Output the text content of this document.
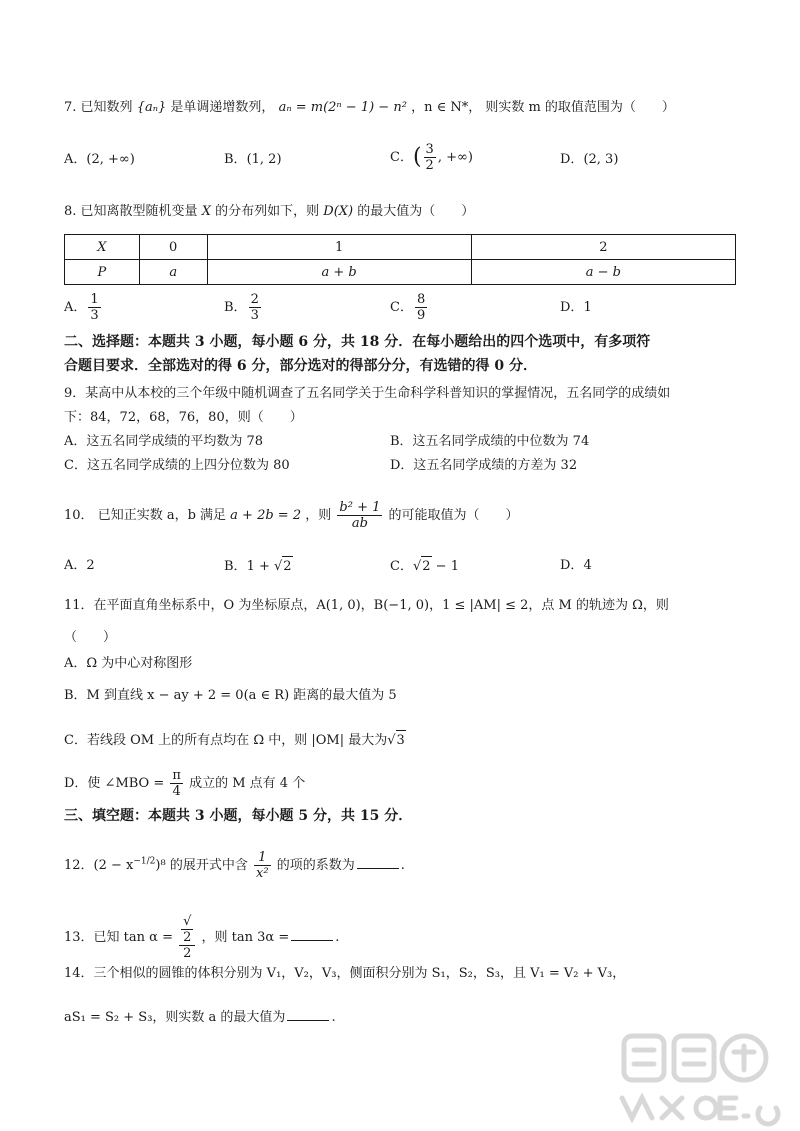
7. 已知数列 {aₙ} 是单调递增数列， aₙ = m(2ⁿ − 1) − n² ，n ∈ N*， 则实数 m 的取值范围为（　　）
A．(2, +∞)	B．(1, 2)	C．( $\frac{3}{2}$ , +∞)	D．(2, 3)
8. 已知离散型随机变量 X 的分布列如下，则 D(X) 的最大值为（　　）
X	0	1	2
P	a	a + b	a − b
A． $\frac{1}{3}$	B． $\frac{2}{3}$	C． $\frac{8}{9}$	D．1
二、选择题：本题共 3 小题，每小题 6 分，共 18 分．在每小题给出的四个选项中，有多项符
合题目要求．全部选对的得 6 分，部分选对的得部分分，有选错的得 0 分．
9．某高中从本校的三个年级中随机调查了五名同学关于生命科学科普知识的掌握情况，五名同学的成绩如
下：84，72，68，76，80，则（　　）
A．这五名同学成绩的平均数为 78	B．这五名同学成绩的中位数为 74
C．这五名同学成绩的上四分位数为 80	D．这五名同学成绩的方差为 32
10． 已知正实数 a，b 满足 a + 2b = 2 ，则 $\frac{\text{b² + 1}}{ab}$ 的可能取值为（　　）
A．2	B．1 + √2	C．√2 − 1	D．4
11．在平面直角坐标系中，O 为坐标原点，A(1, 0)，B(−1, 0)，1 ≤ |AM| ≤ 2，点 M 的轨迹为 Ω，则
（　　）
A．Ω 为中心对称图形
B．M 到直线 x − ay + 2 = 0(a ∈ R) 距离的最大值为 5
C．若线段 OM 上的所有点均在 Ω 中，则 |OM| 最大为√3
D．使 ∠MBO = $\frac{\pi}{4}$ 成立的 M 点有 4 个
三、填空题：本题共 3 小题，每小题 5 分，共 15 分．
12．$(2 - x^{-1/2})^8$ 的展开式中含 $\frac{1}{\text{x²}}$ 的项的系数为	.
13．已知 tan α = √
2
2 ，则 tan 3α =	.
14．三个相似的圆锥的体积分别为 V₁，V₂，V₃，侧面积分别为 S₁，S₂，S₃，且 V₁ = V₂ + V₃，
aS₁ = S₂ + S₃，则实数 a 的最大值为	.
